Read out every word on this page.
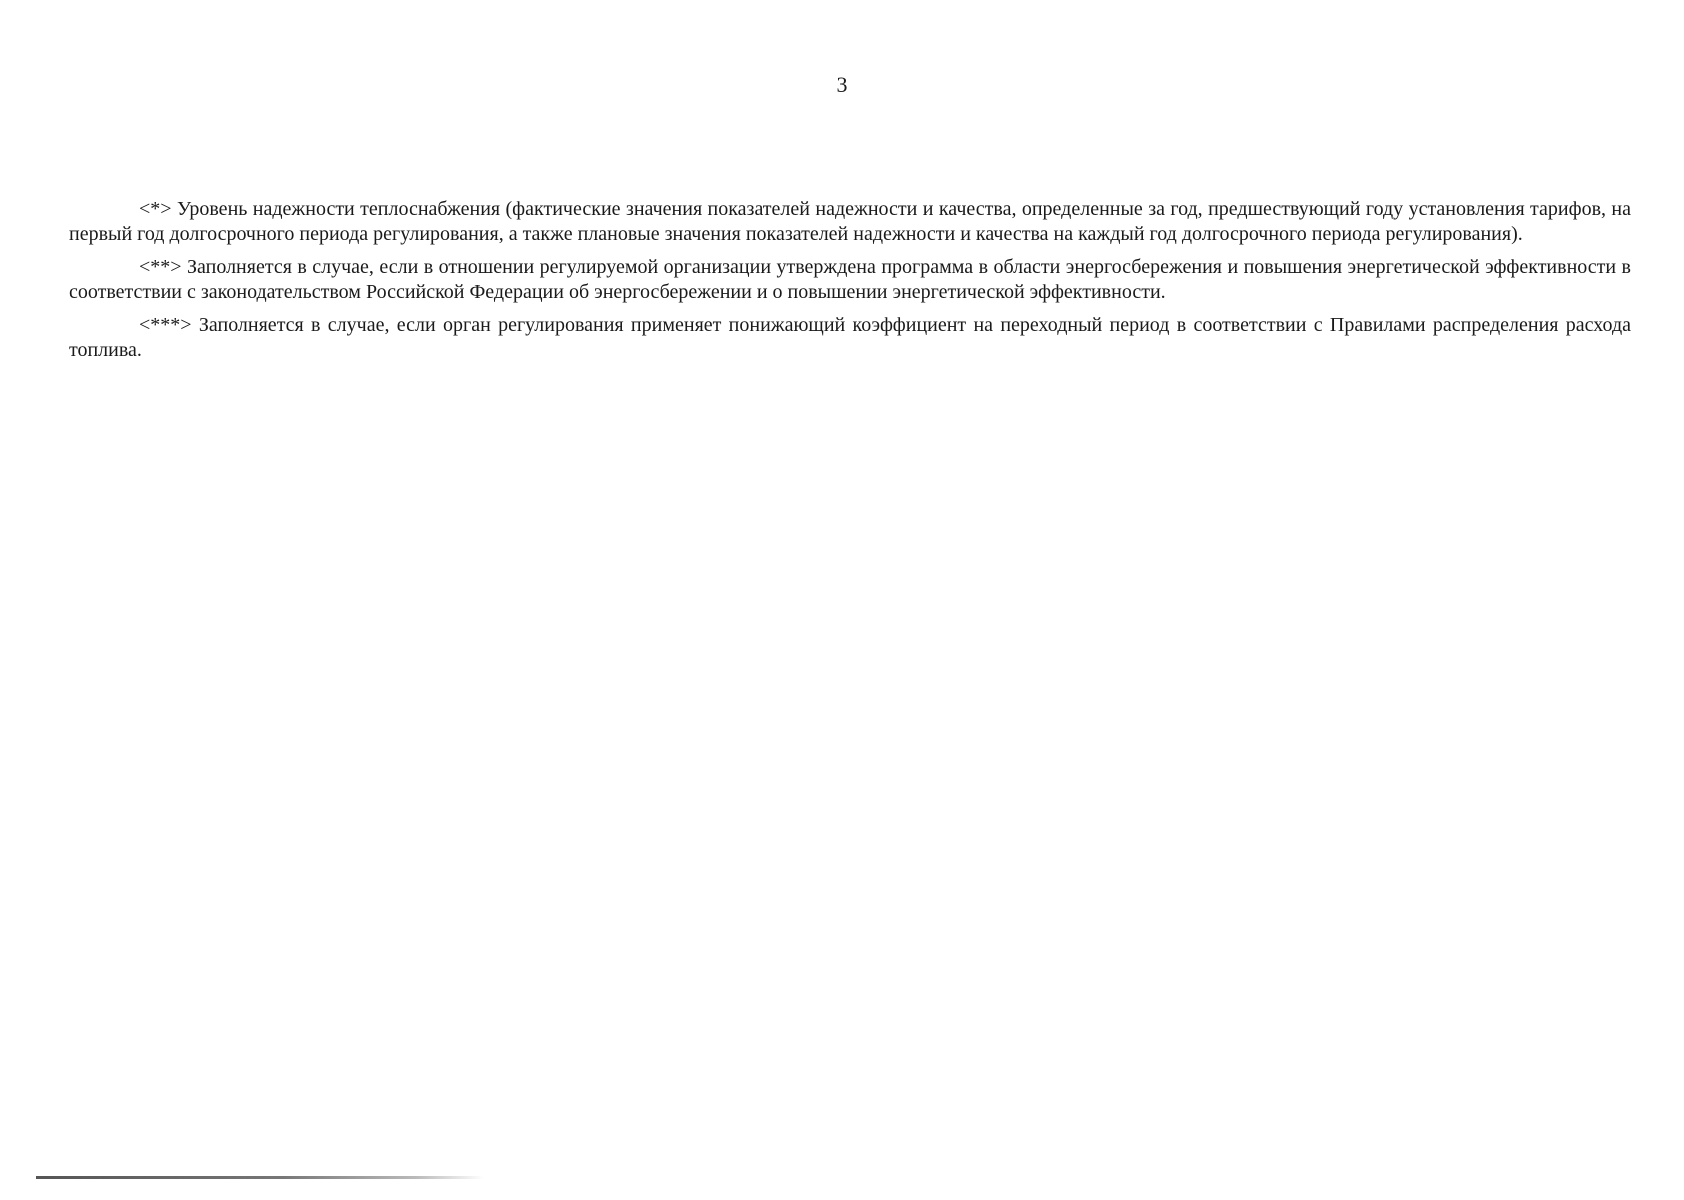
3

<*> Уровень надежности теплоснабжения (фактические значения показателей надежности и качества, определенные за год, предшествующий году установления тарифов, на первый год долгосрочного периода регулирования, а также плановые значения показателей надежности и качества на каждый год долгосрочного периода регулирования).

<**> Заполняется в случае, если в отношении регулируемой организации утверждена программа в области энергосбережения и повышения энергетической эффективности в соответствии с законодательством Российской Федерации об энергосбережении и о повышении энергетической эффективности.

<***> Заполняется в случае, если орган регулирования применяет понижающий коэффициент на переходный период в соответствии с Правилами распределения расхода топлива.
